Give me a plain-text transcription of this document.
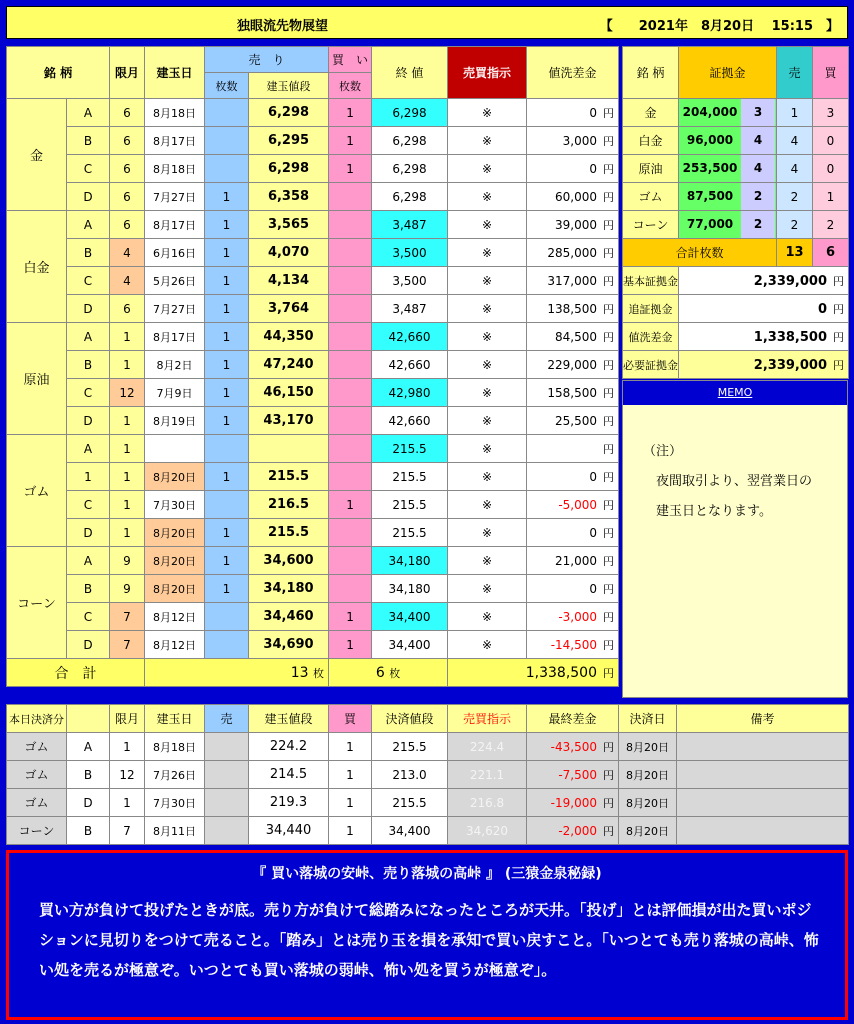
独眼流先物展望	【　　2021年　8月20日　 15:15　】
銘 柄		限月	建玉日	売　り		買　い	終 値	売買指示	値洗差金
				枚数	建玉値段	枚数			
金	A	6	8月18日		6,298	1	6,298	※	0 円
	B	6	8月17日		6,295	1	6,298	※	3,000 円
	C	6	8月18日		6,298	1	6,298	※	0 円
	D	6	7月27日	1	6,358		6,298	※	60,000 円
白金	A	6	8月17日	1	3,565		3,487	※	39,000 円
	B	4	6月16日	1	4,070		3,500	※	285,000 円
	C	4	5月26日	1	4,134		3,500	※	317,000 円
	D	6	7月27日	1	3,764		3,487	※	138,500 円
原油	A	1	8月17日	1	44,350		42,660	※	84,500 円
	B	1	8月2日	1	47,240		42,660	※	229,000 円
	C	12	7月9日	1	46,150		42,980	※	158,500 円
	D	1	8月19日	1	43,170		42,660	※	25,500 円
ゴム	A	1					215.5	※	円
	1	1	8月20日	1	215.5		215.5	※	0 円
	C	1	7月30日		216.5	1	215.5	※	-5,000 円
	D	1	8月20日	1	215.5		215.5	※	0 円
コーン	A	9	8月20日	1	34,600		34,180	※	21,000 円
	B	9	8月20日	1	34,180		34,180	※	0 円
	C	7	8月12日		34,460	1	34,400	※	-3,000 円
	D	7	8月12日		34,690	1	34,400	※	-14,500 円
合　計			13 枚			6 枚		1,338,500 円	
銘 柄	証拠金	売	買
金	204,000 3	1	3
白金	96,000 4	4	0
原油	253,500 4	4	0
ゴム	87,500 2	2	1
コーン	77,000 2	2	2
合計枚数		13	6
基本証拠金	2,339,000 円		
追証拠金	0 円		
値洗差金	1,338,500 円		
必要証拠金	2,339,000 円		
MEMO
（注）
　夜間取引より、翌営業日の
　建玉日となります。
本日決済分		限月	建玉日	売	建玉値段	買	決済値段	売買指示	最終差金	決済日	備考
ゴム	A	1	8月18日		224.2	1	215.5	224.4	-43,500 円	8月20日	
ゴム	B	12	7月26日		214.5	1	213.0	221.1	-7,500 円	8月20日	
ゴム	D	1	7月30日		219.3	1	215.5	216.8	-19,000 円	8月20日	
コーン	B	7	8月11日		34,440	1	34,400	34,620	-2,000 円	8月20日	
『 買い落城の安峠、売り落城の高峠 』 (三猿金泉秘録)
買い方が負けて投げたときが底。売り方が負けて総踏みになったところが天井。「投げ」とは評価損が出た買いポジションに見切りをつけて売ること。「踏み」とは売り玉を損を承知で買い戻すこと。「いつとても売り落城の高峠、怖い処を売るが極意ぞ。いつとても買い落城の弱峠、怖い処を買うが極意ぞ」。
